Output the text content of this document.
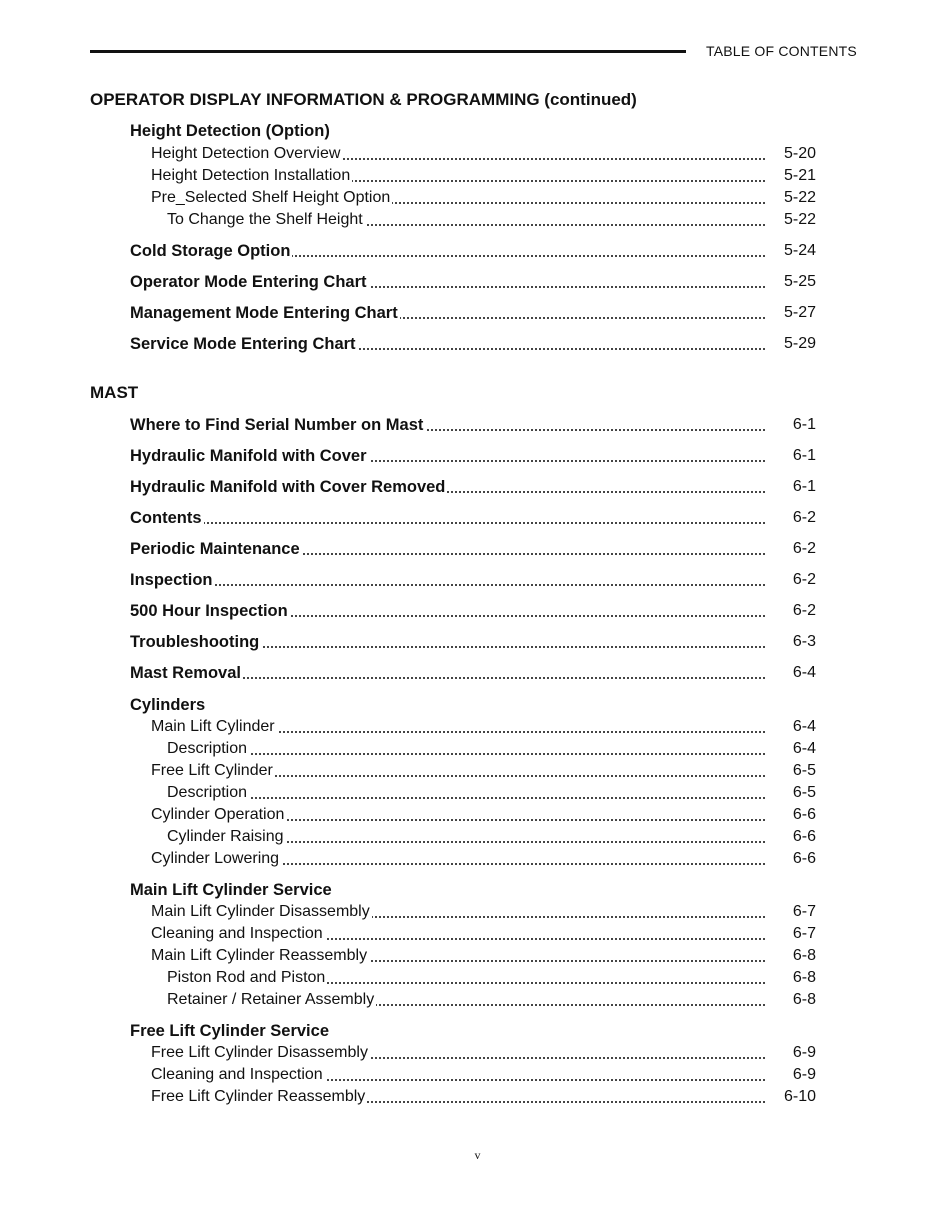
TABLE OF CONTENTS
OPERATOR DISPLAY INFORMATION & PROGRAMMING (continued)
Height Detection (Option)
Height Detection Overview	5-20
Height Detection Installation	5-21
Pre_Selected Shelf Height Option	5-22
To Change the Shelf Height	5-22
Cold Storage Option	5-24
Operator Mode Entering Chart	5-25
Management Mode Entering Chart	5-27
Service Mode Entering Chart	5-29
MAST
Where to Find Serial Number on Mast	6-1
Hydraulic Manifold with Cover	6-1
Hydraulic Manifold with Cover Removed	6-1
Contents	6-2
Periodic Maintenance	6-2
Inspection	6-2
500 Hour Inspection	6-2
Troubleshooting	6-3
Mast Removal	6-4
Cylinders
Main Lift Cylinder	6-4
Description	6-4
Free Lift Cylinder	6-5
Description	6-5
Cylinder Operation	6-6
Cylinder Raising	6-6
Cylinder Lowering	6-6
Main Lift Cylinder Service
Main Lift Cylinder Disassembly	6-7
Cleaning and Inspection	6-7
Main Lift Cylinder Reassembly	6-8
Piston Rod and Piston	6-8
Retainer / Retainer Assembly	6-8
Free Lift Cylinder Service
Free Lift Cylinder Disassembly	6-9
Cleaning and Inspection	6-9
Free Lift Cylinder Reassembly	6-10
v
